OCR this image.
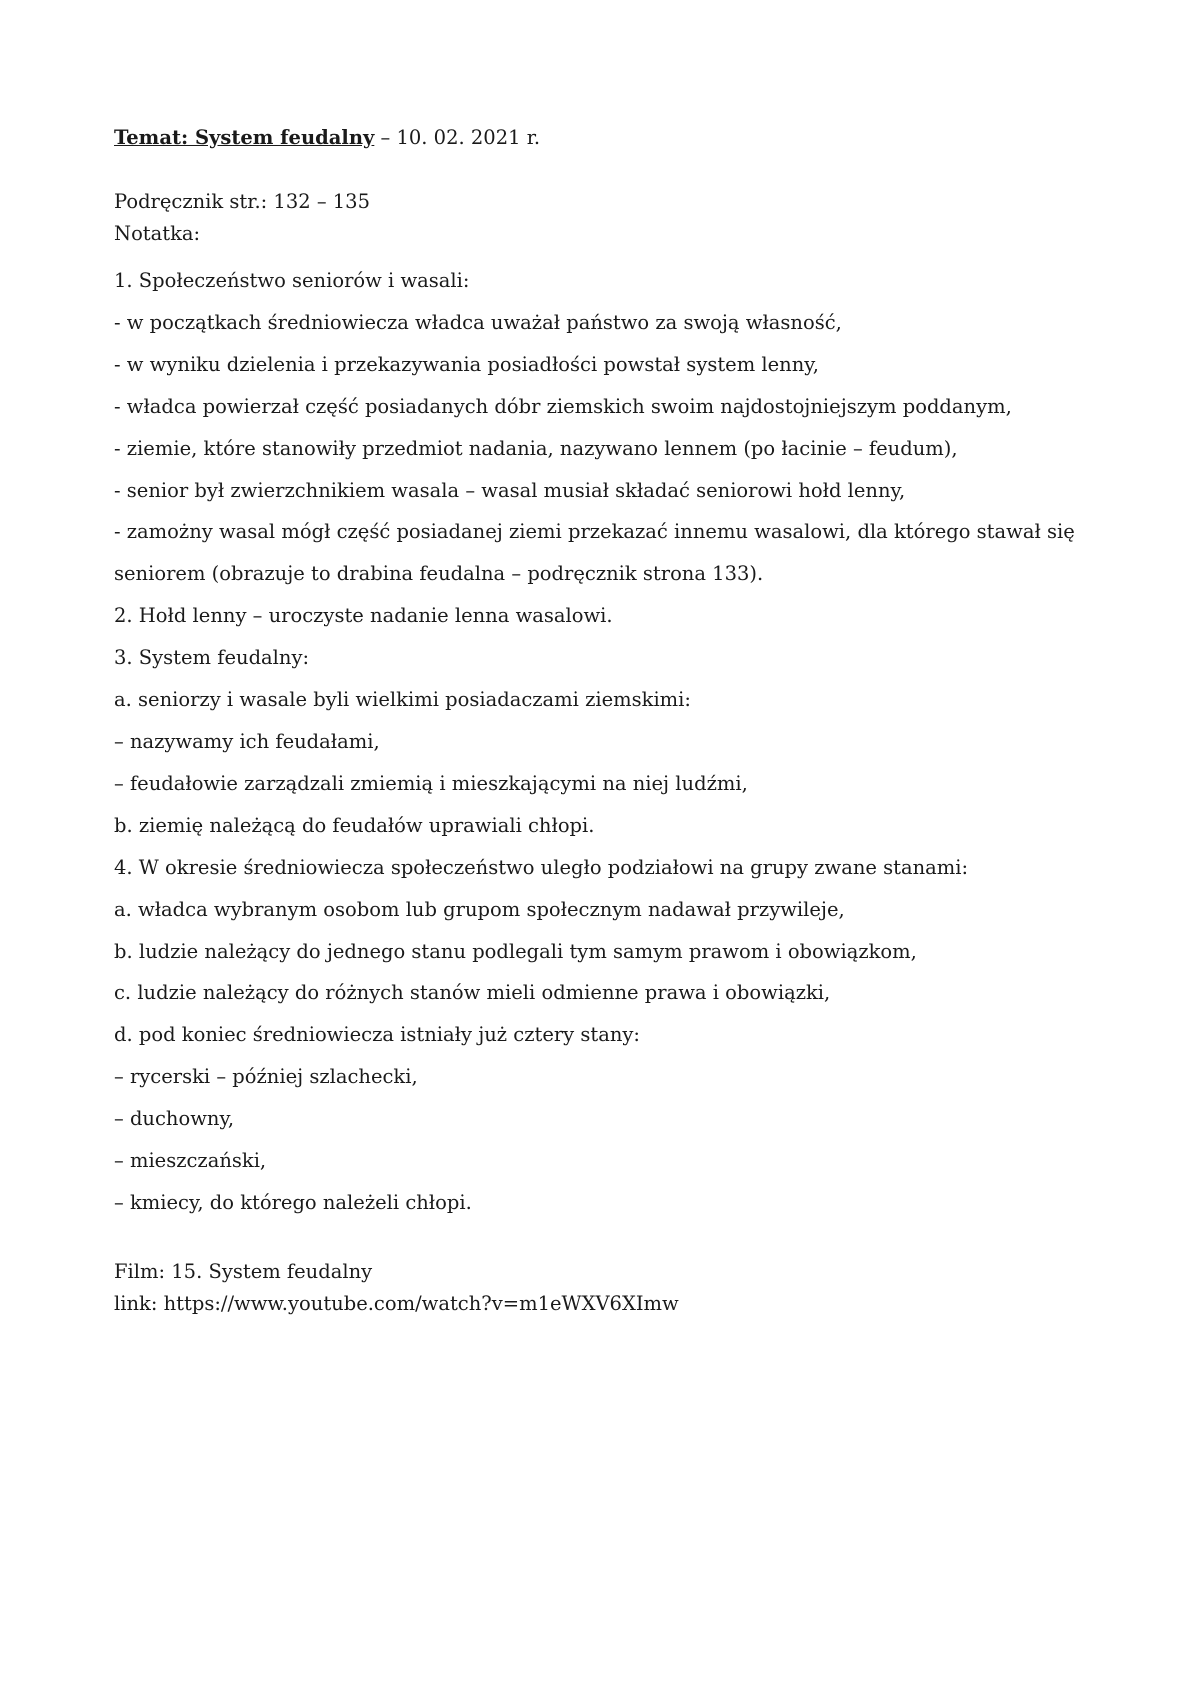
Temat: System feudalny – 10. 02. 2021 r.
Podręcznik str.: 132 – 135
Notatka:
1. Społeczeństwo seniorów i wasali:
- w początkach średniowiecza władca uważał państwo za swoją własność,
- w wyniku dzielenia i przekazywania posiadłości powstał system lenny,
- władca powierzał część posiadanych dóbr ziemskich swoim najdostojniejszym poddanym,
- ziemie, które stanowiły przedmiot nadania, nazywano lennem (po łacinie – feudum),
- senior był zwierzchnikiem wasala – wasal musiał składać seniorowi hołd lenny,
- zamożny wasal mógł część posiadanej ziemi przekazać innemu wasalowi, dla którego stawał się
seniorem (obrazuje to drabina feudalna – podręcznik strona 133).
2. Hołd lenny – uroczyste nadanie lenna wasalowi.
3. System feudalny:
a. seniorzy i wasale byli wielkimi posiadaczami ziemskimi:
– nazywamy ich feudałami,
– feudałowie zarządzali zmiemią i mieszkającymi na niej ludźmi,
b. ziemię należącą do feudałów uprawiali chłopi.
4. W okresie średniowiecza społeczeństwo uległo podziałowi na grupy zwane stanami:
a. władca wybranym osobom lub grupom społecznym nadawał przywileje,
b. ludzie należący do jednego stanu podlegali tym samym prawom i obowiązkom,
c. ludzie należący do różnych stanów mieli odmienne prawa i obowiązki,
d. pod koniec średniowiecza istniały już cztery stany:
– rycerski – później szlachecki,
– duchowny,
– mieszczański,
– kmiecy, do którego należeli chłopi.
Film: 15. System feudalny
link: https://www.youtube.com/watch?v=m1eWXV6XImw
